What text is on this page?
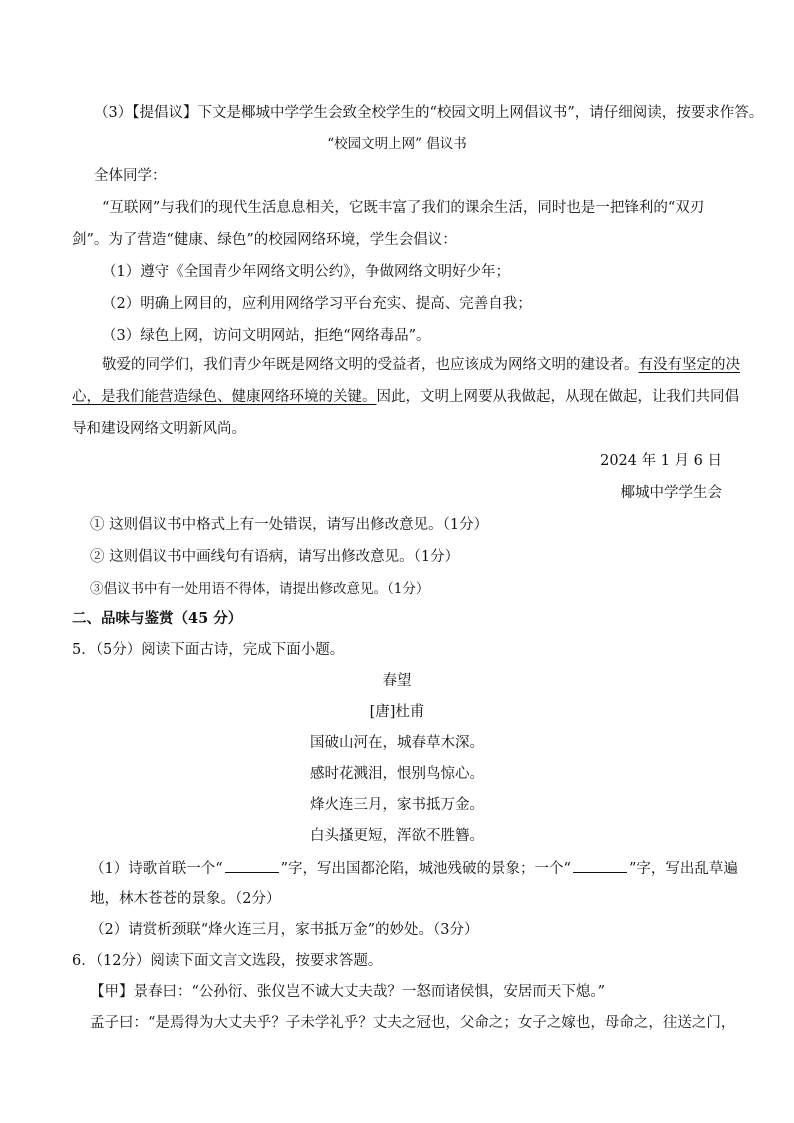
（3）【提倡议】下文是椰城中学学生会致全校学生的“校园文明上网倡议书”，请仔细阅读，按要求作答。
“校园文明上网” 倡议书
全体同学：
“互联网”与我们的现代生活息息相关，它既丰富了我们的课余生活，同时也是一把锋利的“双刃
剑”。为了营造“健康、绿色”的校园网络环境，学生会倡议：
（1）遵守《全国青少年网络文明公约》，争做网络文明好少年；
（2）明确上网目的，应利用网络学习平台充实、提高、完善自我；
（3）绿色上网，访问文明网站，拒绝“网络毒品”。
敬爱的同学们，我们青少年既是网络文明的受益者，也应该成为网络文明的建设者。有没有坚定的决
心，是我们能营造绿色、健康网络环境的关键。因此，文明上网要从我做起，从现在做起，让我们共同倡
导和建设网络文明新风尚。
2024 年 1 月 6 日
椰城中学学生会
① 这则倡议书中格式上有一处错误，请写出修改意见。（1分）
② 这则倡议书中画线句有语病，请写出修改意见。（1分）
③倡议书中有一处用语不得体，请提出修改意见。（1分）
二、品味与鉴赏（45 分）
5．（5分）阅读下面古诗，完成下面小题。
春望
[唐]杜甫
国破山河在，城春草木深。
感时花溅泪，恨别鸟惊心。
烽火连三月，家书抵万金。
白头搔更短，浑欲不胜簪。
（1）诗歌首联一个“	”字，写出国都沦陷，城池残破的景象；一个“	”字，写出乱草遍
地，林木苍苍的景象。（2分）
（2）请赏析颈联“烽火连三月，家书抵万金”的妙处。（3分）
6．（12分）阅读下面文言文选段，按要求答题。
【甲】景春曰：“公孙衍、张仪岂不诚大丈夫哉？一怒而诸侯惧，安居而天下熄。”
孟子曰：“是焉得为大丈夫乎？子未学礼乎？丈夫之冠也，父命之；女子之嫁也，母命之，往送之门，
